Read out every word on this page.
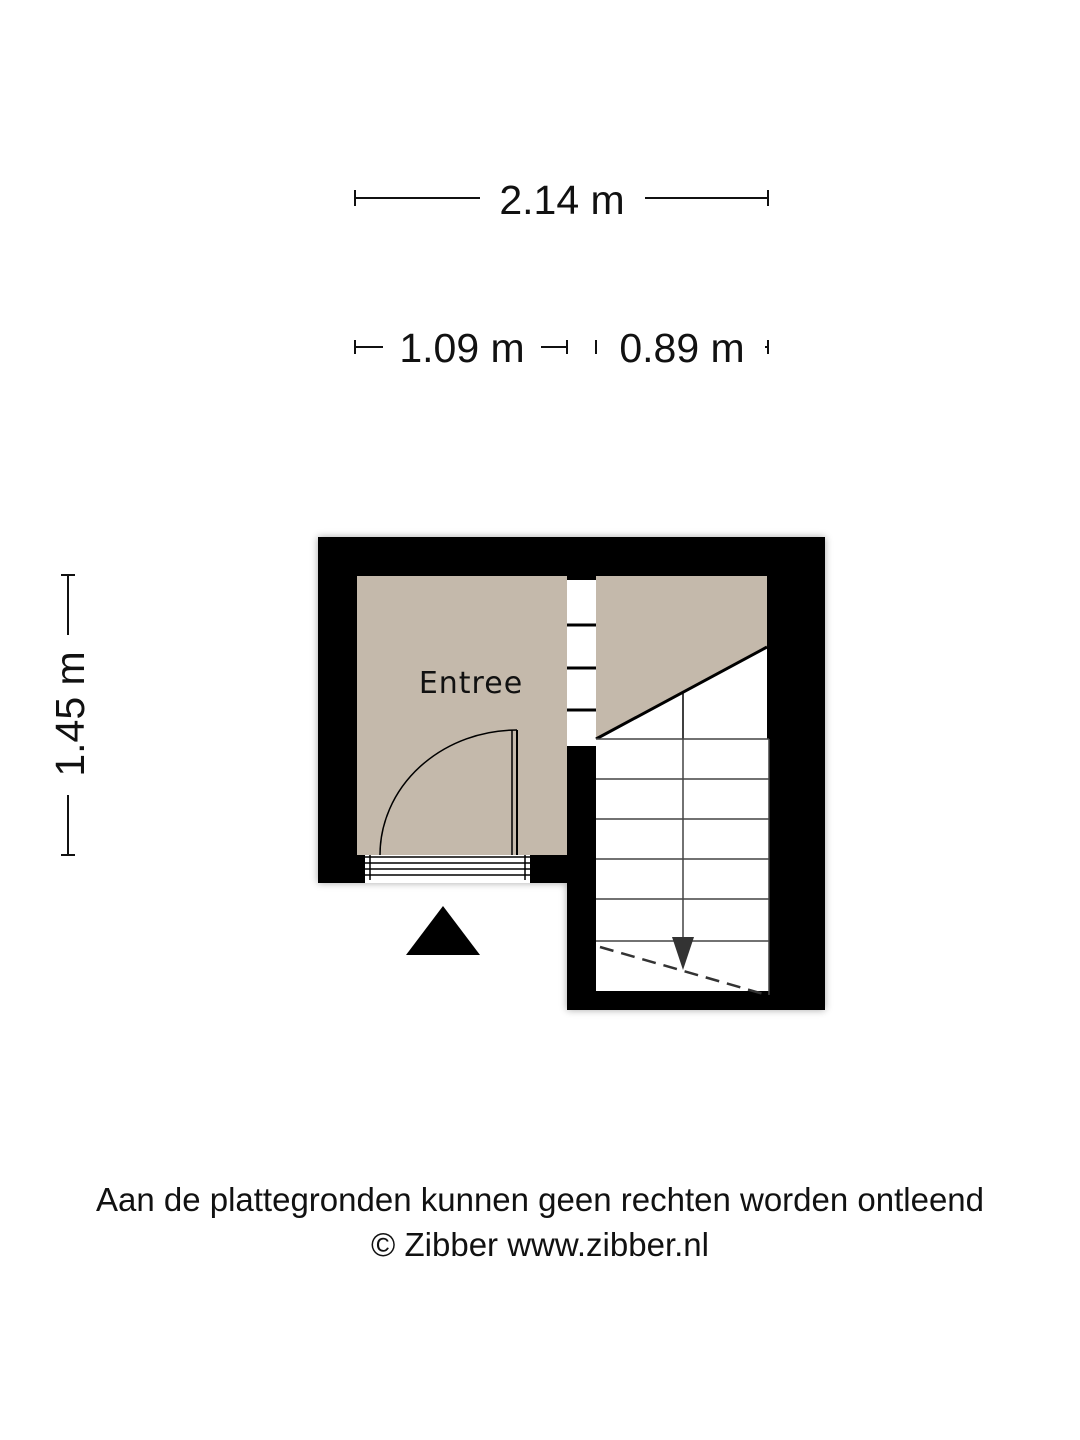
2.14 m
1.09 m 0.89 m
1.45 m	Entree
Aan de plattegronden kunnen geen rechten worden ontleend
© Zibber www.zibber.nl
